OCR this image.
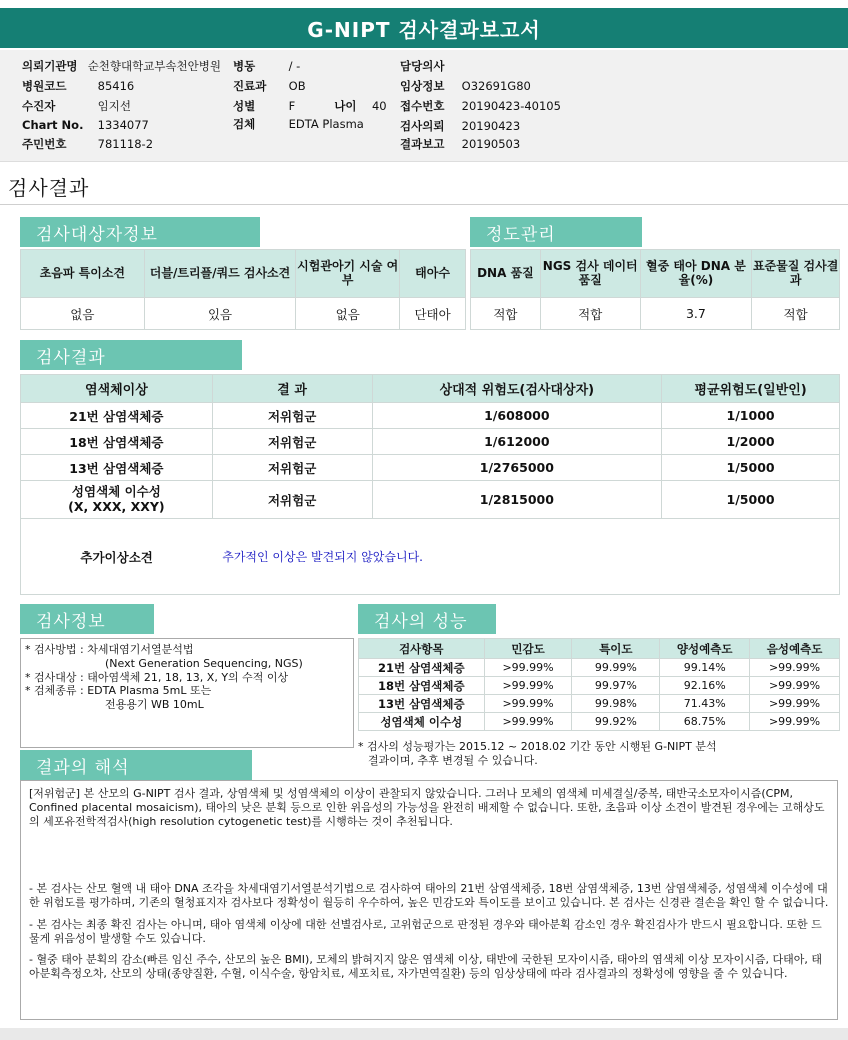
G-NIPT 검사결과보고서
의뢰기관명 순천향대학교부속천안병원 병동	/ -	담당의사
병원코드	85416	진료과 OB	임상정보 O32691G80
수진자	임지선	성별	F	나이 40 접수번호 20190423-40105
Chart No. 1334077	검체	EDTA Plasma	검사의뢰 20190423
주민번호	781118-2	결과보고 20190503
검사결과
검사대상자정보
초음파 특이소견	더블/트리플/쿼드 검사소견	시험관아기 시술 여부	태아수
없음	있음	없음	단태아
정도관리
DNA 품질	NGS 검사 데이터품질	혈중 태아 DNA 분율(%)	표준물질 검사결과
적합	적합	3.7	적합
검사결과
염색체이상	결 과	상대적 위험도(검사대상자)	평균위험도(일반인)
21번 삼염색체증	저위험군	1/608000	1/1000
18번 삼염색체증	저위험군	1/612000	1/2000
13번 삼염색체증	저위험군	1/2765000	1/5000

성염색체 이수성
(X, XXX, XXY)	저위험군	1/2815000	1/5000
추가이상소견	추가적인 이상은 발견되지 않았습니다.		
검사정보
* 검사방법 : 차세대염기서열분석법
(Next Generation Sequencing, NGS)
* 검사대상 : 태아염색체 21, 18, 13, X, Y의 수적 이상
* 검체종류 : EDTA Plasma 5mL 또는
전용용기 WB 10mL
검사의 성능
검사항목	민감도	특이도	양성예측도	음성예측도
21번 삼염색체증	>99.99%	99.99%	99.14%	>99.99%
18번 삼염색체증	>99.99%	99.97%	92.16%	>99.99%
13번 삼염색체증	>99.99%	99.98%	71.43%	>99.99%
성염색체 이수성	>99.99%	99.92%	68.75%	>99.99%
* 검사의 성능평가는 2015.12 ~ 2018.02 기간 동안 시행된 G-NIPT 분석
결과이며, 추후 변경될 수 있습니다.
결과의 해석

[저위험군] 본 산모의 G-NIPT 검사 결과, 상염색체 및 성염색체의 이상이 관찰되지 않았습니다. 그러나 모체의 염색체 미세결실/중복, 태반국소모자이시즘(CPM, Confined placental mosaicism), 태아의 낮은 분획 등으로 인한 위음성의 가능성을 완전히 배제할 수 없습니다. 또한, 초음파 이상 소견이 발견된 경우에는 고해상도의 세포유전학적검사(high resolution cytogenetic test)를 시행하는 것이 추천됩니다.

- 본 검사는 산모 혈액 내 태아 DNA 조각을 차세대염기서열분석기법으로 검사하여 태아의 21번 삼염색체증, 18번 삼염색체증, 13번 삼염색체증, 성염색체 이수성에 대한 위험도를 평가하며, 기존의 혈청표지자 검사보다 정확성이 월등히 우수하여, 높은 민감도와 특이도를 보이고 있습니다. 본 검사는 신경관 결손을 확인 할 수 없습니다.

- 본 검사는 최종 확진 검사는 아니며, 태아 염색체 이상에 대한 선별검사로, 고위험군으로 판정된 경우와 태아분획 감소인 경우 확진검사가 반드시 필요합니다. 또한 드물게 위음성이 발생할 수도 있습니다.

- 혈중 태아 분획의 감소(빠른 임신 주수, 산모의 높은 BMI), 모체의 밝혀지지 않은 염색체 이상, 태반에 국한된 모자이시즘, 태아의 염색체 이상 모자이시즘, 다태아, 태아분획측정오차, 산모의 상태(종양질환, 수혈, 이식수술, 항암치료, 세포치료, 자가면역질환) 등의 임상상태에 따라 검사결과의 정확성에 영향을 줄 수 있습니다.
